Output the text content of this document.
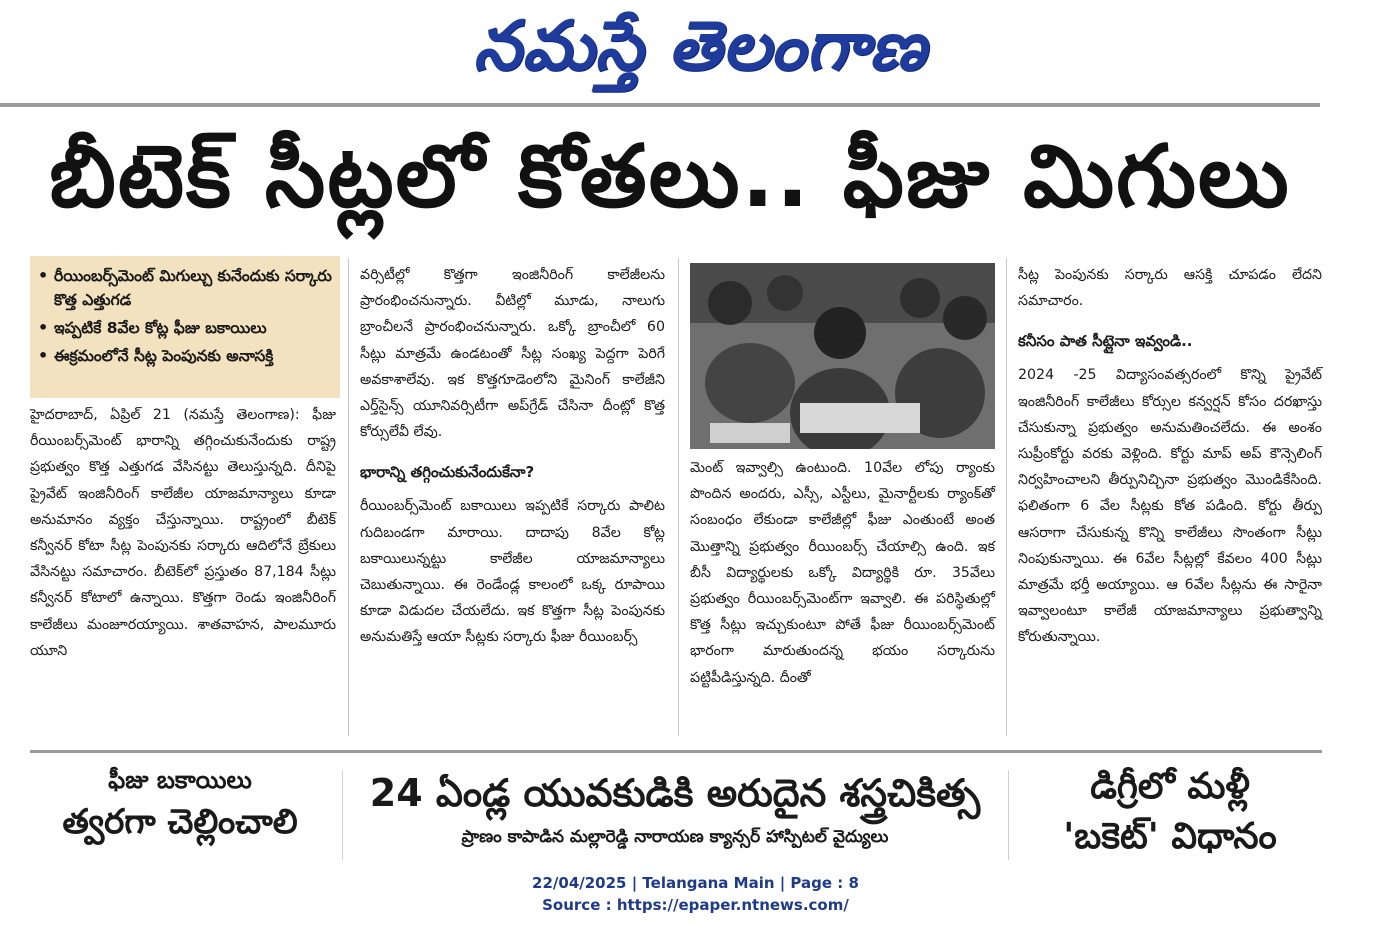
నమస్తే తెలంగాణ
బీటెక్ సీట్లలో కోతలు.. ఫీజు మిగులు
• రీయింబర్స్‌మెంట్ మిగుల్చు కునేందుకు సర్కారు కొత్త ఎత్తుగడ
• ఇప్పటికే 8వేల కోట్ల ఫీజు బకాయిలు
• ఈక్రమంలోనే సీట్ల పెంపునకు అనాసక్తి

హైదరాబాద్, ఏప్రిల్ 21 (నమస్తే తెలంగాణ): ఫీజు రీయింబర్స్‌మెంట్ భారాన్ని తగ్గించుకునేందుకు రాష్ట్ర ప్రభుత్వం కొత్త ఎత్తుగడ వేసినట్టు తెలుస్తున్నది. దీనిపై ప్రైవేట్ ఇంజినీరింగ్ కాలేజీల యాజమాన్యాలు కూడా అనుమానం వ్యక్తం చేస్తున్నాయి. రాష్ట్రంలో బీటెక్ కన్వీనర్ కోటా సీట్ల పెంపునకు సర్కారు ఆదిలోనే బ్రేకులు వేసినట్టు సమాచారం. బీటెక్‌లో ప్రస్తుతం 87,184 సీట్లు కన్వీనర్ కోటాలో ఉన్నాయి. కొత్తగా రెండు ఇంజినీరింగ్ కాలేజీలు మంజూరయ్యాయి. శాతవాహన, పాలమూరు యూని

వర్సిటీల్లో కొత్తగా ఇంజినీరింగ్ కాలేజీలను ప్రారంభించనున్నారు. వీటిల్లో మూడు, నాలుగు బ్రాంచీలనే ప్రారంభించనున్నారు. ఒక్కో బ్రాంచీలో 60 సీట్లు మాత్రమే ఉండటంతో సీట్ల సంఖ్య పెద్దగా పెరిగే అవకాశాలేవు. ఇక కొత్తగూడెంలోని మైనింగ్ కాలేజీని ఎర్త్‌సైన్స్ యూనివర్సిటీగా అప్‌గ్రేడ్ చేసినా దీంట్లో కొత్త కోర్సులేవీ లేవు.

భారాన్ని తగ్గించుకునేందుకేనా?

రీయింబర్స్‌మెంట్ బకాయిలు ఇప్పటికే సర్కారు పాలిట గుదిబండగా మారాయి. దాదాపు 8వేల కోట్ల బకాయిలున్నట్టు కాలేజీల యాజమాన్యాలు చెబుతున్నాయి. ఈ రెండేండ్ల కాలంలో ఒక్క రూపాయి కూడా విడుదల చేయలేదు. ఇక కొత్తగా సీట్ల పెంపునకు అనుమతిస్తే ఆయా సీట్లకు సర్కారు ఫీజు రీయింబర్స్

మెంట్ ఇవ్వాల్సి ఉంటుంది. 10వేల లోపు ర్యాంకు పొందిన అందరు, ఎస్సీ, ఎస్టీలు, మైనార్టీలకు ర్యాంక్‌తో సంబంధం లేకుండా కాలేజీల్లో ఫీజు ఎంతుంటే అంత మొత్తాన్ని ప్రభుత్వం రీయింబర్స్ చేయాల్సి ఉంది. ఇక బీసీ విద్యార్థులకు ఒక్కో విద్యార్థికి రూ. 35వేలు ప్రభుత్వం రీయింబర్స్‌మెంట్‌గా ఇవ్వాలి. ఈ పరిస్థితుల్లో కొత్త సీట్లు ఇచ్చుకుంటూ పోతే ఫీజు రీయింబర్స్‌మెంట్ భారంగా మారుతుందన్న భయం సర్కారును పట్టిపీడిస్తున్నది. దీంతో

సీట్ల పెంపునకు సర్కారు ఆసక్తి చూపడం లేదని సమాచారం.

కనీసం పాత సీట్లైనా ఇవ్వండి..

2024 -25 విద్యాసంవత్సరంలో కొన్ని ప్రైవేట్ ఇంజినీరింగ్ కాలేజీలు కోర్సుల కన్వర్షన్ కోసం దరఖాస్తు చేసుకున్నా ప్రభుత్వం అనుమతించలేదు. ఈ అంశం సుప్రీంకోర్టు వరకు వెళ్లింది. కోర్టు మాప్ అప్ కౌన్సెలింగ్ నిర్వహించాలని తీర్పునిచ్చినా ప్రభుత్వం మొండికేసింది. ఫలితంగా 6 వేల సీట్లకు కోత పడింది. కోర్టు తీర్పు ఆసరాగా చేసుకున్న కొన్ని కాలేజీలు సొంతంగా సీట్లు నింపుకున్నాయి. ఈ 6వేల సీట్లల్లో కేవలం 400 సీట్లు మాత్రమే భర్తీ అయ్యాయి. ఆ 6వేల సీట్లను ఈ సారైనా ఇవ్వాలంటూ కాలేజీ యాజమాన్యాలు ప్రభుత్వాన్ని కోరుతున్నాయి.

ఫీజు బకాయిలు
త్వరగా చెల్లించాలి
24 ఏండ్ల యువకుడికి అరుదైన శస్త్రచికిత్స
ప్రాణం కాపాడిన మల్లారెడ్డి నారాయణ క్యాన్సర్ హాస్పిటల్ వైద్యులు
డిగ్రీలో మళ్లీ
'బకెట్' విధానం
22/04/2025 | Telangana Main | Page : 8
Source : https://epaper.ntnews.com/
